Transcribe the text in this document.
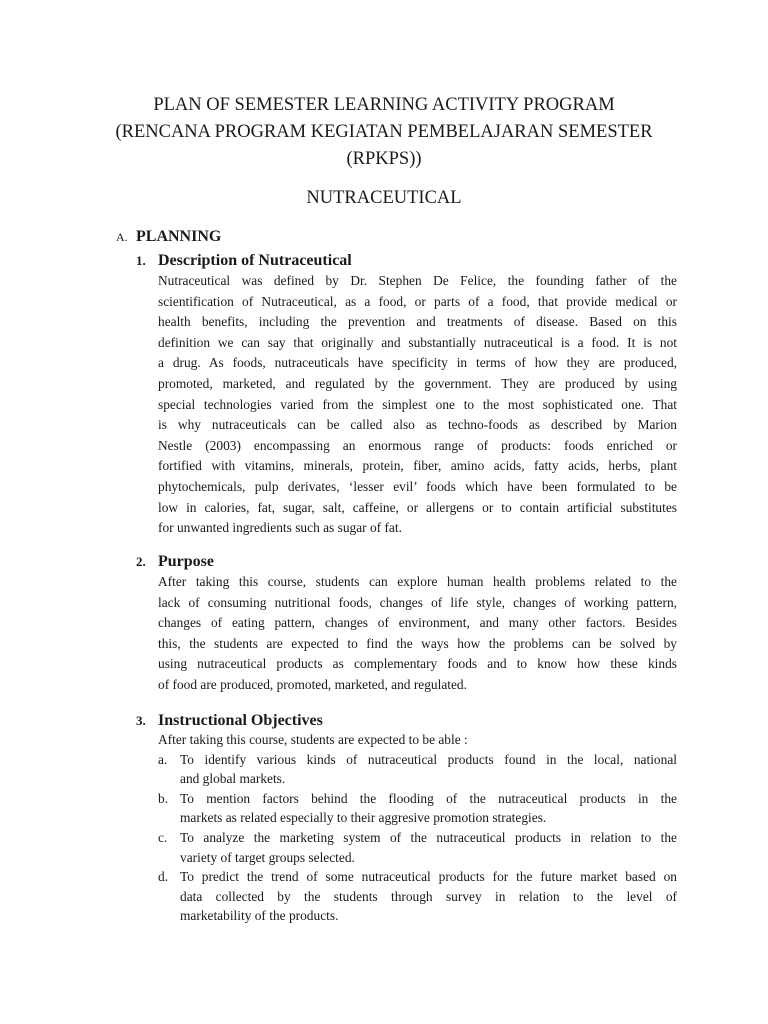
PLAN OF SEMESTER LEARNING ACTIVITY PROGRAM
(RENCANA PROGRAM KEGIATAN PEMBELAJARAN SEMESTER
(RPKPS))
NUTRACEUTICAL
A. PLANNING
1. Description of Nutraceutical
Nutraceutical was defined by Dr. Stephen De Felice, the founding father of the
scientification of Nutraceutical, as a food, or parts of a food, that provide medical or
health benefits, including the prevention and treatments of disease. Based on this
definition we can say that originally and substantially nutraceutical is a food. It is not
a drug. As foods, nutraceuticals have specificity in terms of how they are produced,
promoted, marketed, and regulated by the government. They are produced by using
special technologies varied from the simplest one to the most sophisticated one. That
is why nutraceuticals can be called also as techno-foods as described by Marion
Nestle (2003) encompassing an enormous range of products: foods enriched or
fortified with vitamins, minerals, protein, fiber, amino acids, fatty acids, herbs, plant
phytochemicals, pulp derivates, ‘lesser evil’ foods which have been formulated to be
low in calories, fat, sugar, salt, caffeine, or allergens or to contain artificial substitutes
for unwanted ingredients such as sugar of fat.
2. Purpose
After taking this course, students can explore human health problems related to the
lack of consuming nutritional foods, changes of life style, changes of working pattern,
changes of eating pattern, changes of environment, and many other factors. Besides
this, the students are expected to find the ways how the problems can be solved by
using nutraceutical products as complementary foods and to know how these kinds
of food are produced, promoted, marketed, and regulated.
3. Instructional Objectives
After taking this course, students are expected to be able :
a. To identify various kinds of nutraceutical products found in the local, national
and global markets.
b. To mention factors behind the flooding of the nutraceutical products in the
markets as related especially to their aggresive promotion strategies.
c. To analyze the marketing system of the nutraceutical products in relation to the
variety of target groups selected.
d. To predict the trend of some nutraceutical products for the future market based on
data collected by the students through survey in relation to the level of
marketability of the products.
